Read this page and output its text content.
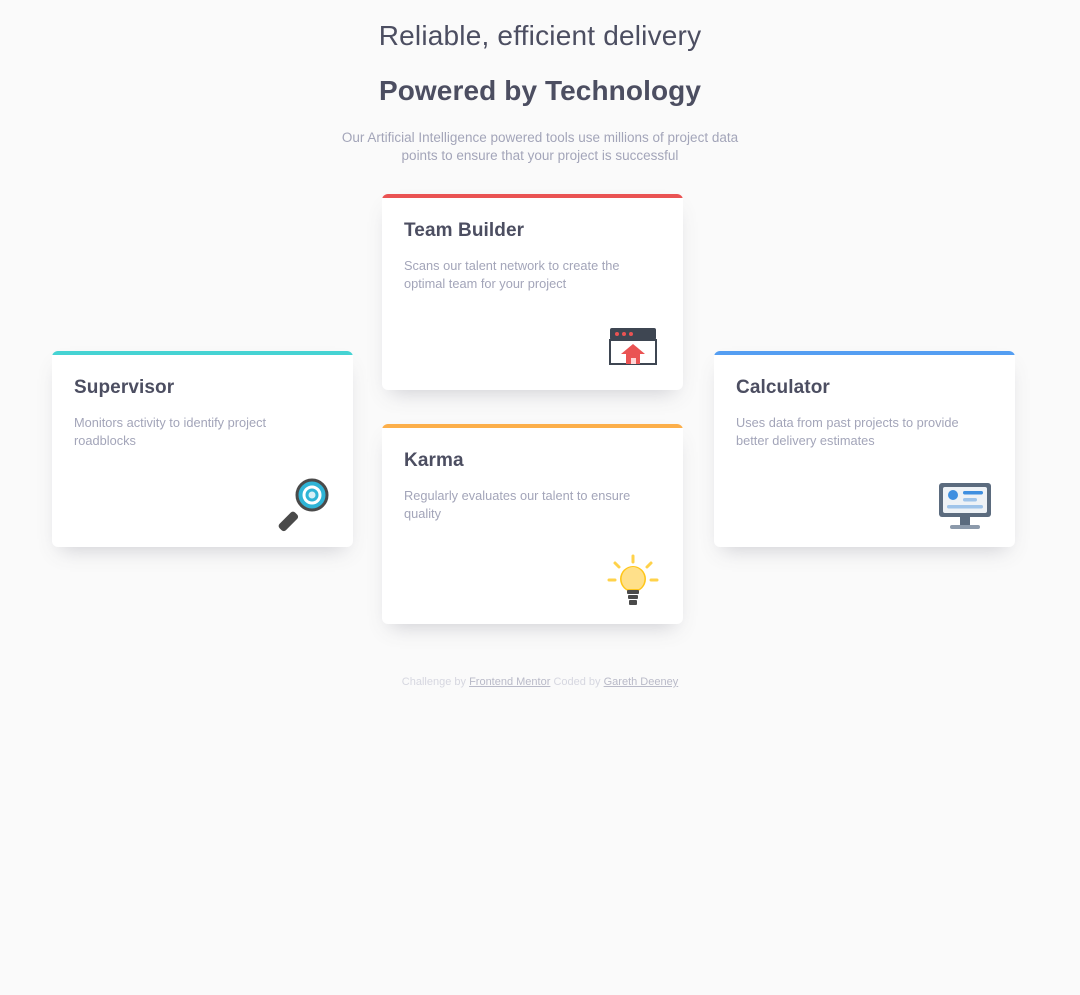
Reliable, efficient delivery
Powered by Technology

Our Artificial Intelligence powered tools use millions of project data points to ensure that your project is successful

Supervisor

Monitors activity to identify project roadblocks

Team Builder

Scans our talent network to create the optimal team for your project

Karma

Regularly evaluates our talent to ensure quality

Calculator

Uses data from past projects to provide better delivery estimates

Challenge by Frontend Mentor Coded by Gareth Deeney
